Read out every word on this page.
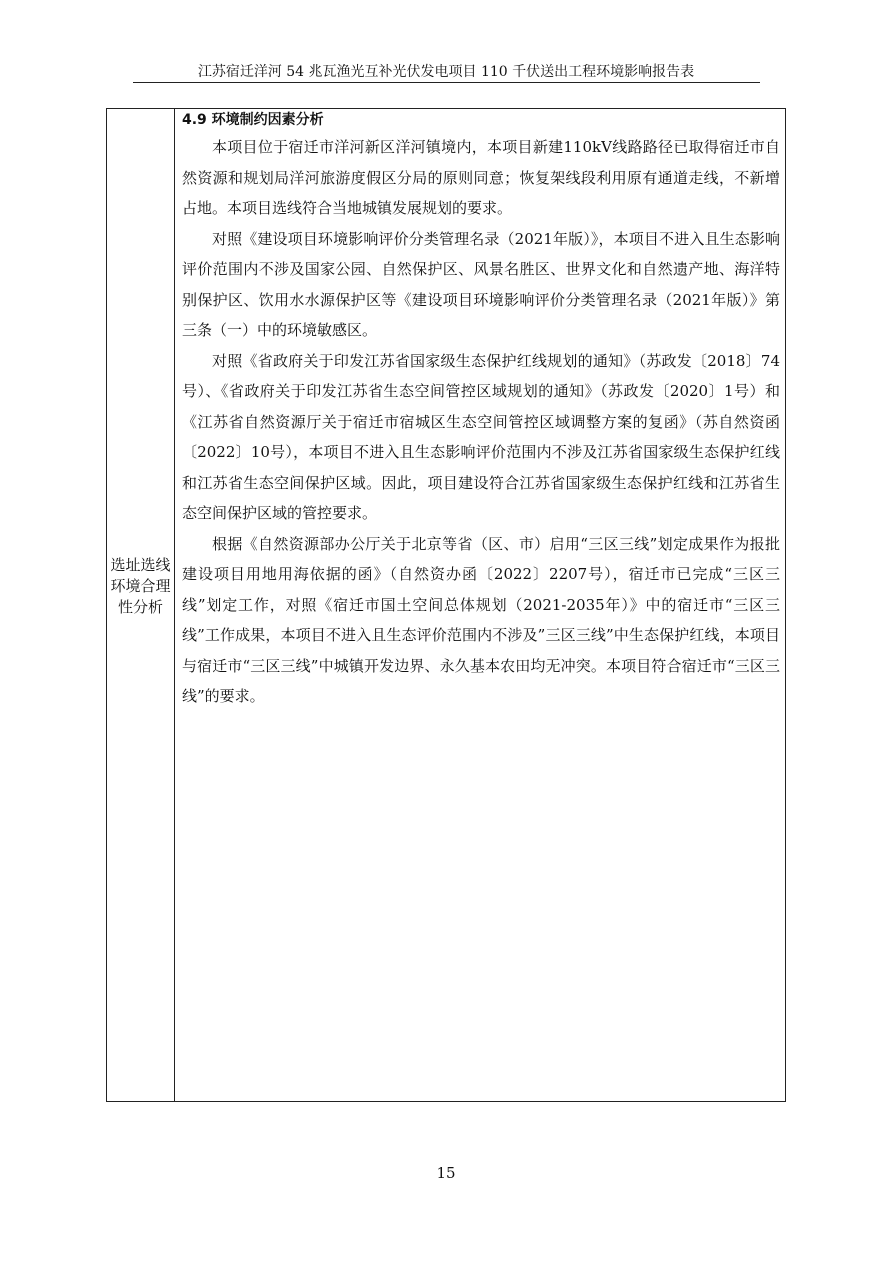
江苏宿迁洋河 54 兆瓦渔光互补光伏发电项目 110 千伏送出工程环境影响报告表
选址选线
环境合理
性分析

4.9 环境制约因素分析

本项目位于宿迁市洋河新区洋河镇境内，本项目新建110kV线路路径已取得宿迁市自然资源和规划局洋河旅游度假区分局的原则同意；恢复架线段利用原有通道走线，不新增占地。本项目选线符合当地城镇发展规划的要求。

对照《建设项目环境影响评价分类管理名录（2021年版）》，本项目不进入且生态影响评价范围内不涉及国家公园、自然保护区、风景名胜区、世界文化和自然遗产地、海洋特别保护区、饮用水水源保护区等《建设项目环境影响评价分类管理名录（2021年版）》第三条（一）中的环境敏感区。

对照《省政府关于印发江苏省国家级生态保护红线规划的通知》（苏政发〔2018〕74号）、《省政府关于印发江苏省生态空间管控区域规划的通知》（苏政发〔2020〕1号）和《江苏省自然资源厅关于宿迁市宿城区生态空间管控区域调整方案的复函》（苏自然资函〔2022〕10号），本项目不进入且生态影响评价范围内不涉及江苏省国家级生态保护红线和江苏省生态空间保护区域。因此，项目建设符合江苏省国家级生态保护红线和江苏省生态空间保护区域的管控要求。

根据《自然资源部办公厅关于北京等省（区、市）启用“三区三线”划定成果作为报批建设项目用地用海依据的函》（自然资办函〔2022〕2207号），宿迁市已完成“三区三线”划定工作，对照《宿迁市国土空间总体规划（2021-2035年）》中的宿迁市“三区三线”工作成果，本项目不进入且生态评价范围内不涉及”三区三线”中生态保护红线，本项目与宿迁市“三区三线”中城镇开发边界、永久基本农田均无冲突。本项目符合宿迁市“三区三线”的要求。

15
